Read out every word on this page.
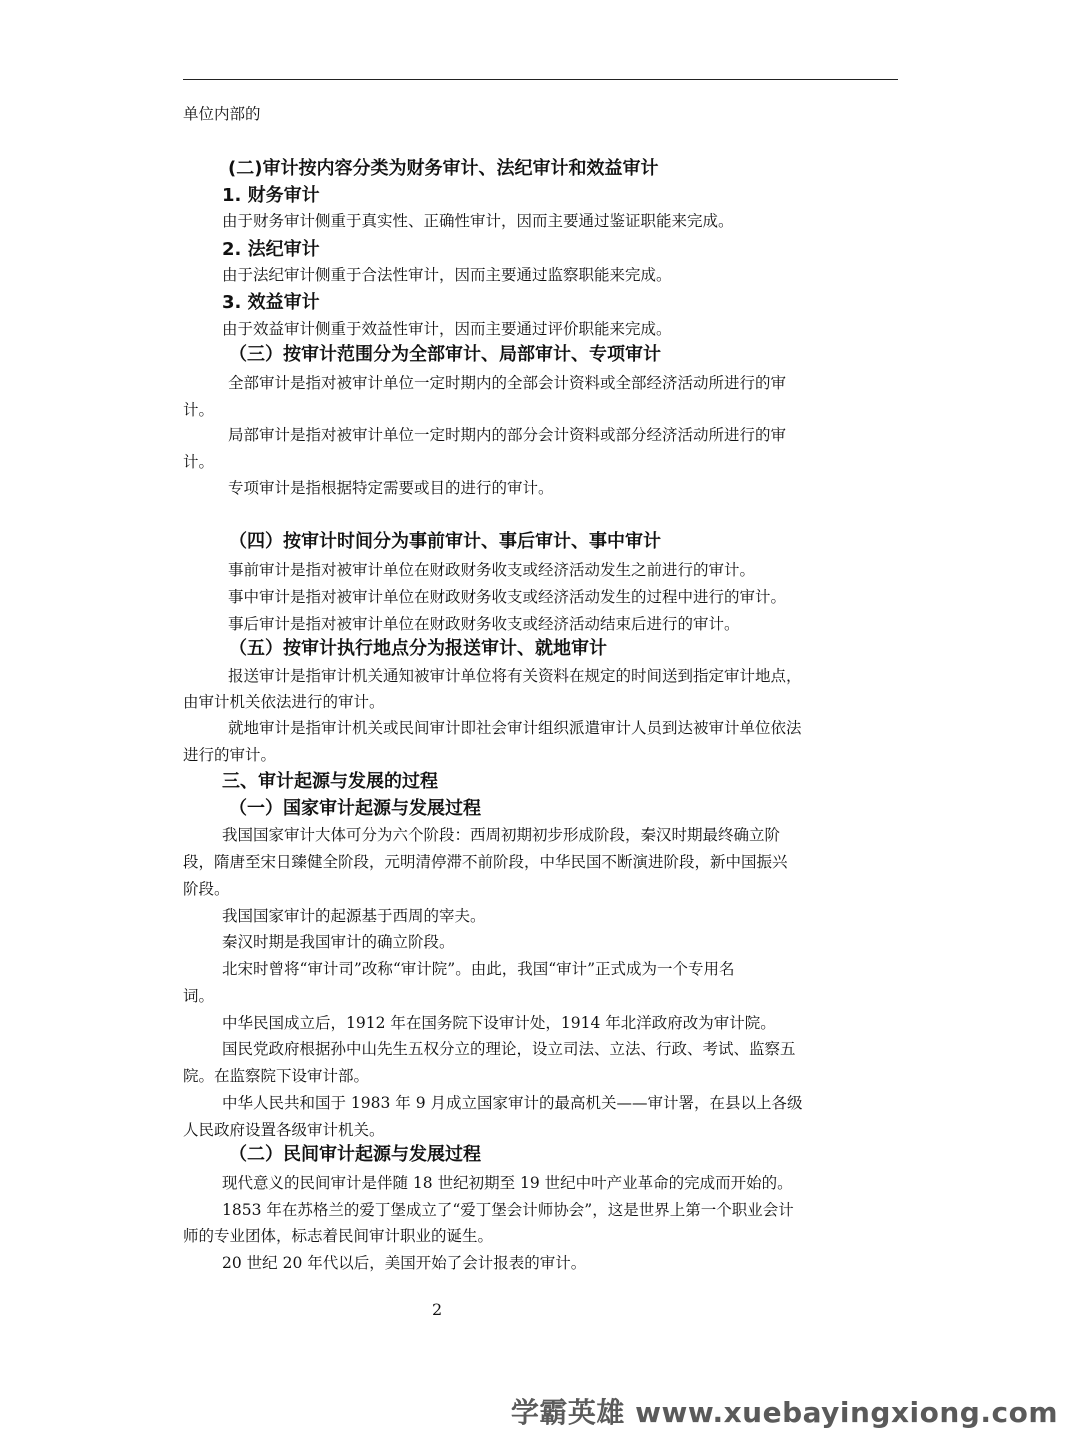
单位内部的
(二)审计按内容分类为财务审计、法纪审计和效益审计
1. 财务审计
由于财务审计侧重于真实性、正确性审计，因而主要通过鉴证职能来完成。
2. 法纪审计
由于法纪审计侧重于合法性审计，因而主要通过监察职能来完成。
3. 效益审计
由于效益审计侧重于效益性审计，因而主要通过评价职能来完成。
（三）按审计范围分为全部审计、局部审计、专项审计
全部审计是指对被审计单位一定时期内的全部会计资料或全部经济活动所进行的审
计。
局部审计是指对被审计单位一定时期内的部分会计资料或部分经济活动所进行的审
计。
专项审计是指根据特定需要或目的进行的审计。
（四）按审计时间分为事前审计、事后审计、事中审计
事前审计是指对被审计单位在财政财务收支或经济活动发生之前进行的审计。
事中审计是指对被审计单位在财政财务收支或经济活动发生的过程中进行的审计。
事后审计是指对被审计单位在财政财务收支或经济活动结束后进行的审计。
（五）按审计执行地点分为报送审计、就地审计
报送审计是指审计机关通知被审计单位将有关资料在规定的时间送到指定审计地点，
由审计机关依法进行的审计。
就地审计是指审计机关或民间审计即社会审计组织派遣审计人员到达被审计单位依法
进行的审计。
三、审计起源与发展的过程
（一）国家审计起源与发展过程
我国国家审计大体可分为六个阶段：西周初期初步形成阶段，秦汉时期最终确立阶
段，隋唐至宋日臻健全阶段，元明清停滞不前阶段，中华民国不断演进阶段，新中国振兴
阶段。
我国国家审计的起源基于西周的宰夫。
秦汉时期是我国审计的确立阶段。
北宋时曾将“审计司”改称“审计院”。由此，我国“审计”正式成为一个专用名
词。
中华民国成立后，1912 年在国务院下设审计处，1914 年北洋政府改为审计院。
国民党政府根据孙中山先生五权分立的理论，设立司法、立法、行政、考试、监察五
院。在监察院下设审计部。
中华人民共和国于 1983 年 9 月成立国家审计的最高机关——审计署，在县以上各级
人民政府设置各级审计机关。
（二）民间审计起源与发展过程
现代意义的民间审计是伴随 18 世纪初期至 19 世纪中叶产业革命的完成而开始的。
1853 年在苏格兰的爱丁堡成立了“爱丁堡会计师协会”，这是世界上第一个职业会计
师的专业团体，标志着民间审计职业的诞生。
20 世纪 20 年代以后，美国开始了会计报表的审计。
2
学霸英雄 www.xuebayingxiong.com
